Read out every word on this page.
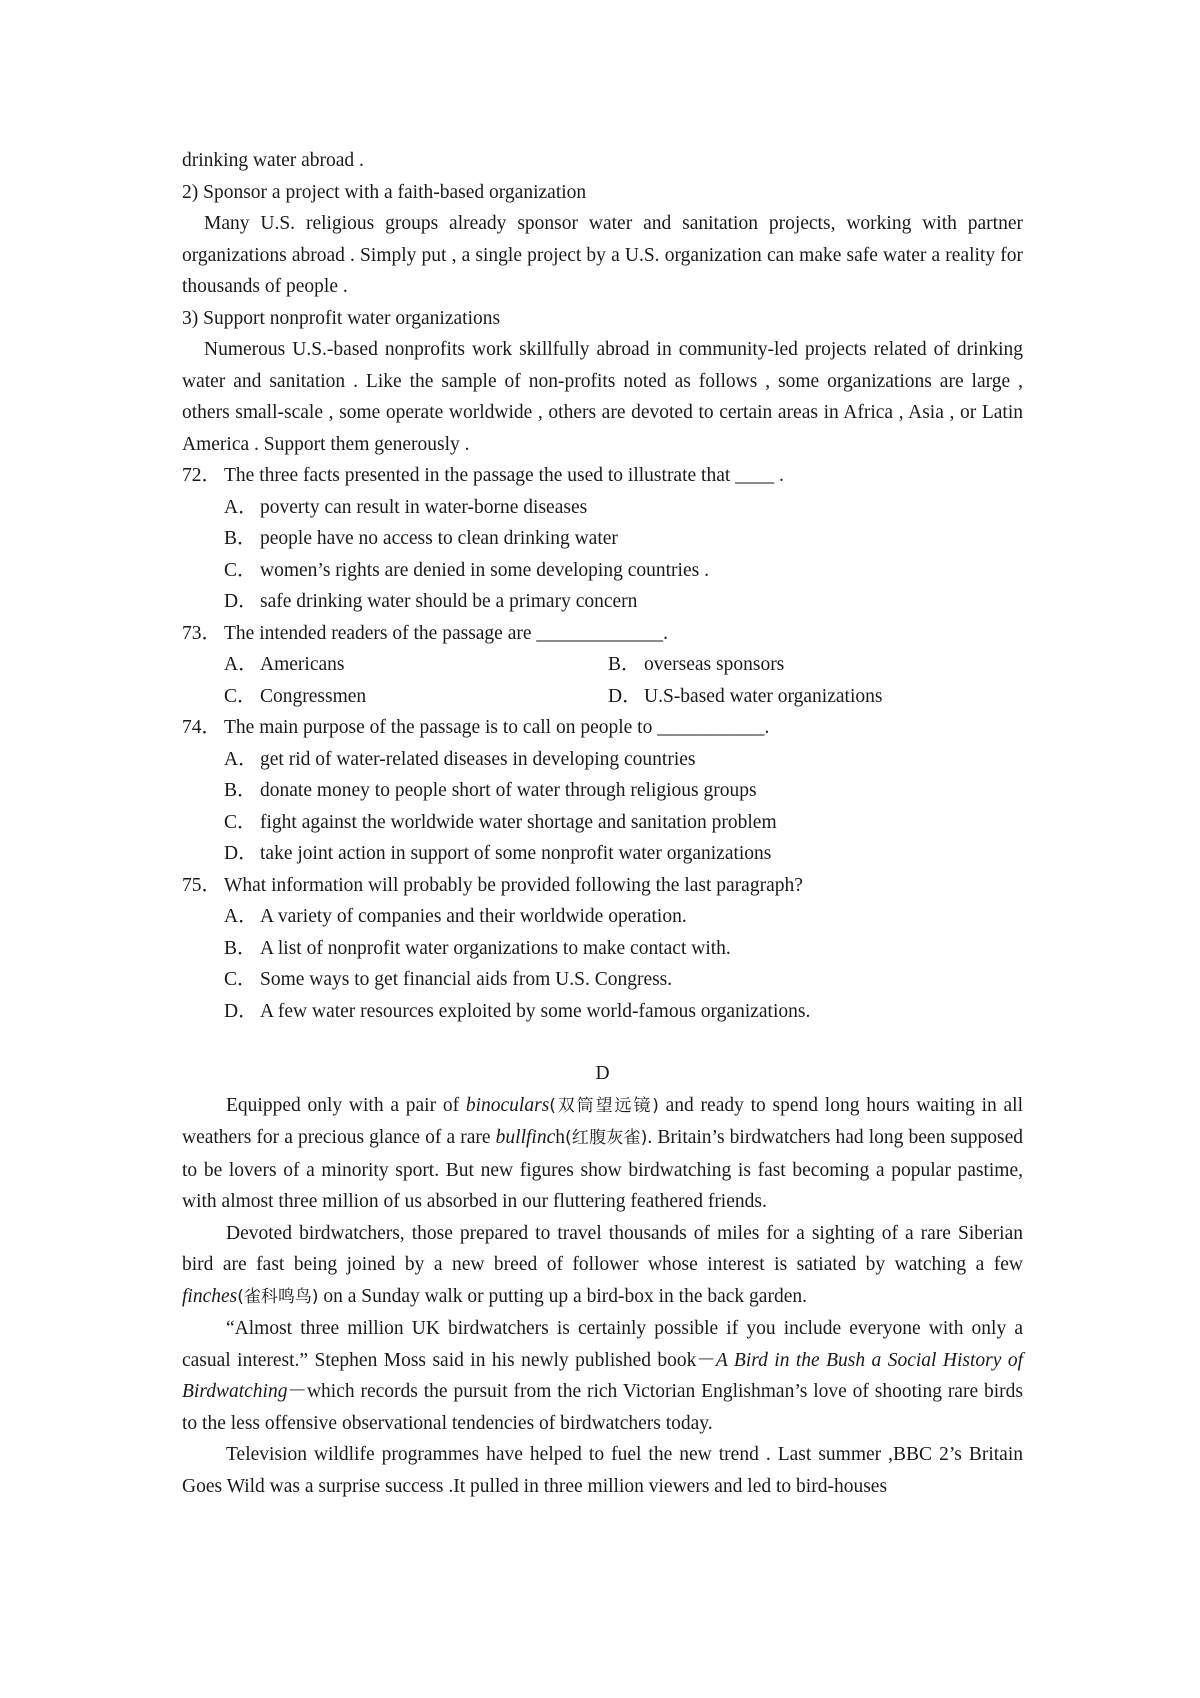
drinking water abroad .
2) Sponsor a project with a faith-based organization
Many U.S. religious groups already sponsor water and sanitation projects, working with partner organizations abroad . Simply put , a single project by a U.S. organization can make safe water a reality for thousands of people .
3) Support nonprofit water organizations
Numerous U.S.-based nonprofits work skillfully abroad in community-led projects related of drinking water and sanitation . Like the sample of non-profits noted as follows , some organizations are large , others small-scale , some operate worldwide , others are devoted to certain areas in Africa , Asia , or Latin America . Support them generously .
72． The three facts presented in the passage the used to illustrate that ____ .
A． poverty can result in water-borne diseases
B． people have no access to clean drinking water
C． women’s rights are denied in some developing countries .
D． safe drinking water should be a primary concern
73． The intended readers of the passage are _____________.
A． Americans	B． overseas sponsors
C． Congressmen	D． U.S-based water organizations
74． The main purpose of the passage is to call on people to ___________.
A． get rid of water-related diseases in developing countries
B． donate money to people short of water through religious groups
C． fight against the worldwide water shortage and sanitation problem
D． take joint action in support of some nonprofit water organizations
75． What information will probably be provided following the last paragraph?
A． A variety of companies and their worldwide operation.
B． A list of nonprofit water organizations to make contact with.
C． Some ways to get financial aids from U.S. Congress.
D． A few water resources exploited by some world-famous organizations.
D
Equipped only with a pair of binoculars(双筒望远镜) and ready to spend long hours waiting in all weathers for a precious glance of a rare bullfinch(红腹灰雀). Britain’s birdwatchers had long been supposed to be lovers of a minority sport. But new figures show birdwatching is fast becoming a popular pastime, with almost three million of us absorbed in our fluttering feathered friends.
Devoted birdwatchers, those prepared to travel thousands of miles for a sighting of a rare Siberian bird are fast being joined by a new breed of follower whose interest is satiated by watching a few finches(雀科鸣鸟) on a Sunday walk or putting up a bird-box in the back garden.
“Almost three million UK birdwatchers is certainly possible if you include everyone with only a casual interest.” Stephen Moss said in his newly published book－A Bird in the Bush a Social History of Birdwatching－which records the pursuit from the rich Victorian Englishman’s love of shooting rare birds to the less offensive observational tendencies of birdwatchers today.
Television wildlife programmes have helped to fuel the new trend . Last summer ,BBC 2’s Britain Goes Wild was a surprise success .It pulled in three million viewers and led to bird-houses
